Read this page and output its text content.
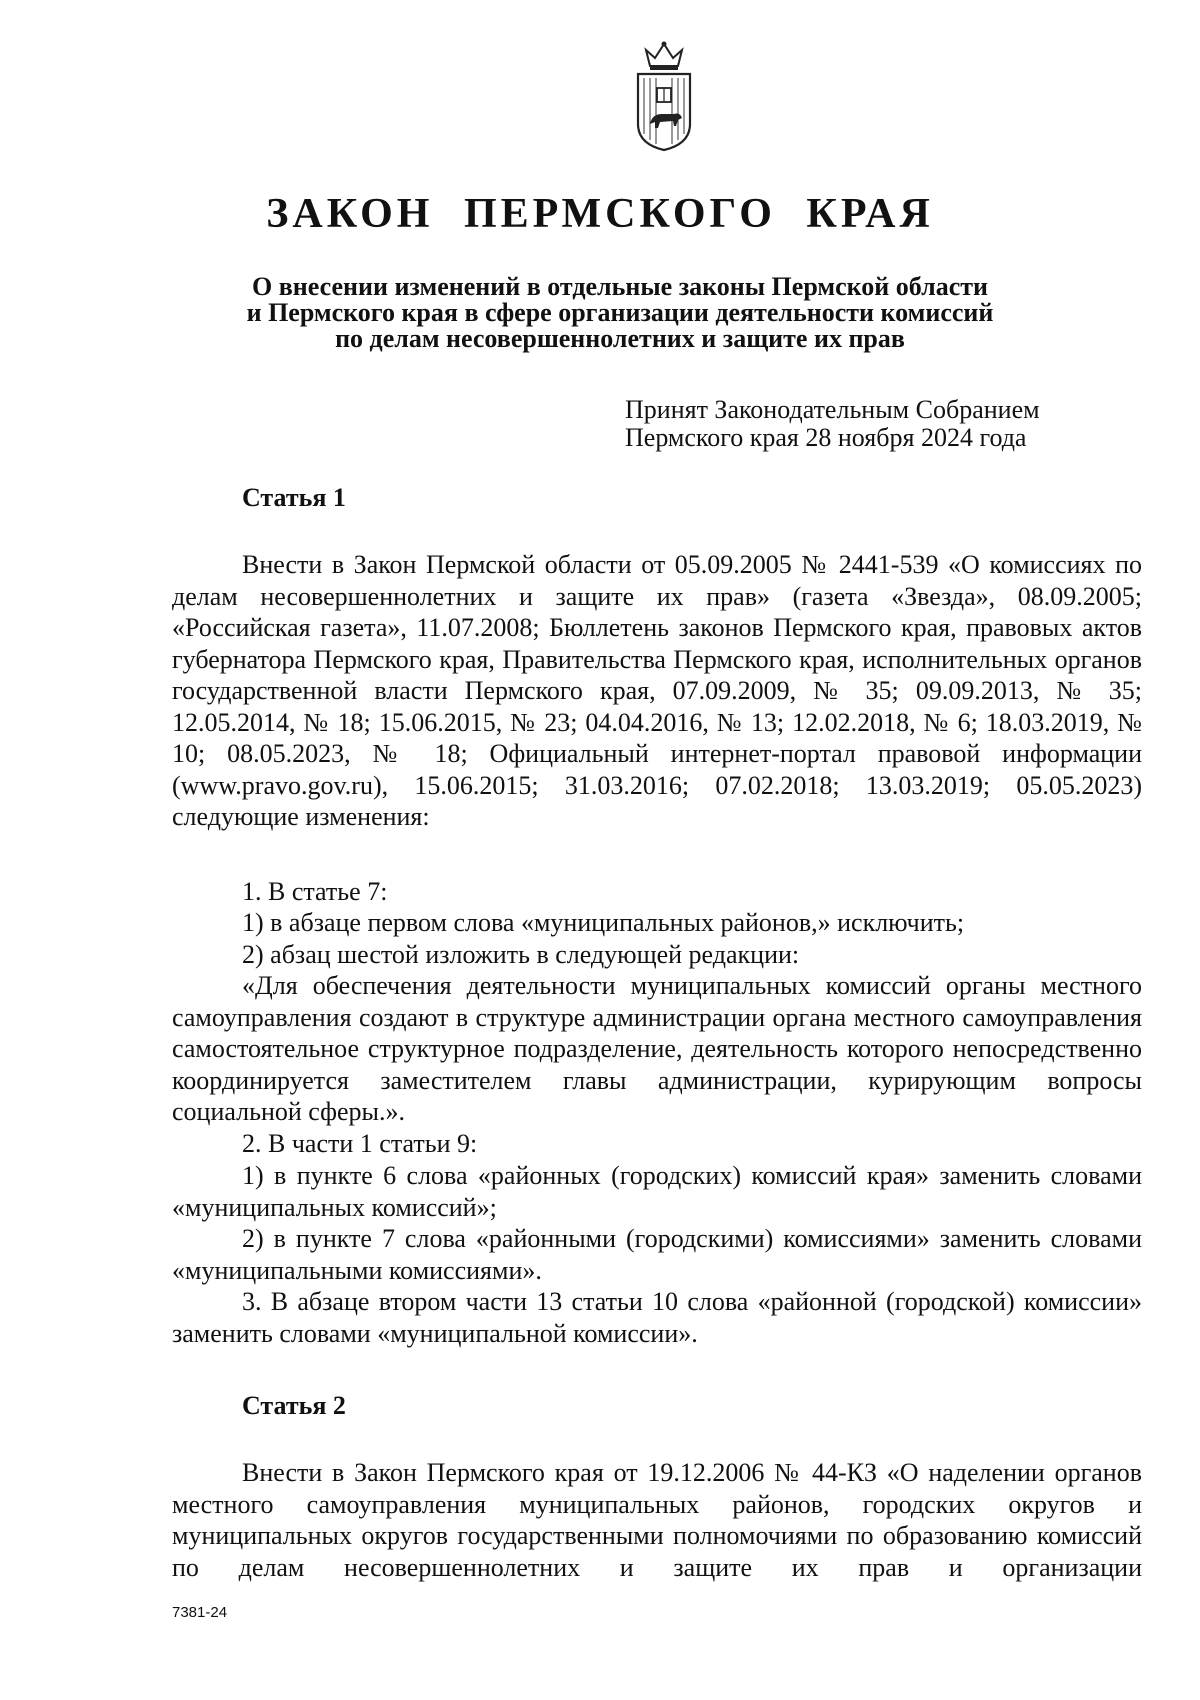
ЗАКОН ПЕРМСКОГО КРАЯ
О внесении изменений в отдельные законы Пермской области
и Пермского края в сфере организации деятельности комиссий
по делам несовершеннолетних и защите их прав
Принят Законодательным Собранием
Пермского края 28 ноября 2024 года
Статья 1
Внести в Закон Пермской области от 05.09.2005 № 2441-539 «О комиссиях по делам несовершеннолетних и защите их прав» (газета «Звезда», 08.09.2005; «Российская газета», 11.07.2008; Бюллетень законов Пермского края, правовых актов губернатора Пермского края, Правительства Пермского края, исполнительных органов государственной власти Пермского края, 07.09.2009, № 35; 09.09.2013, № 35; 12.05.2014, № 18; 15.06.2015, № 23; 04.04.2016, № 13; 12.02.2018, № 6; 18.03.2019, № 10; 08.05.2023, № 18; Официальный интернет-портал правовой информации (www.pravo.gov.ru), 15.06.2015; 31.03.2016; 07.02.2018; 13.03.2019; 05.05.2023) следующие изменения:
1. В статье 7:
1) в абзаце первом слова «муниципальных районов,» исключить;
2) абзац шестой изложить в следующей редакции:
«Для обеспечения деятельности муниципальных комиссий органы местного самоуправления создают в структуре администрации органа местного самоуправления самостоятельное структурное подразделение, деятельность которого непосредственно координируется заместителем главы администрации, курирующим вопросы социальной сферы.».
2. В части 1 статьи 9:
1) в пункте 6 слова «районных (городских) комиссий края» заменить словами «муниципальных комиссий»;
2) в пункте 7 слова «районными (городскими) комиссиями» заменить словами «муниципальными комиссиями».
3. В абзаце втором части 13 статьи 10 слова «районной (городской) комиссии» заменить словами «муниципальной комиссии».
Статья 2
Внести в Закон Пермского края от 19.12.2006 № 44-КЗ «О наделении органов местного самоуправления муниципальных районов, городских округов и муниципальных округов государственными полномочиями по образованию комиссий по делам несовершеннолетних и защите их прав и организации
7381-24
